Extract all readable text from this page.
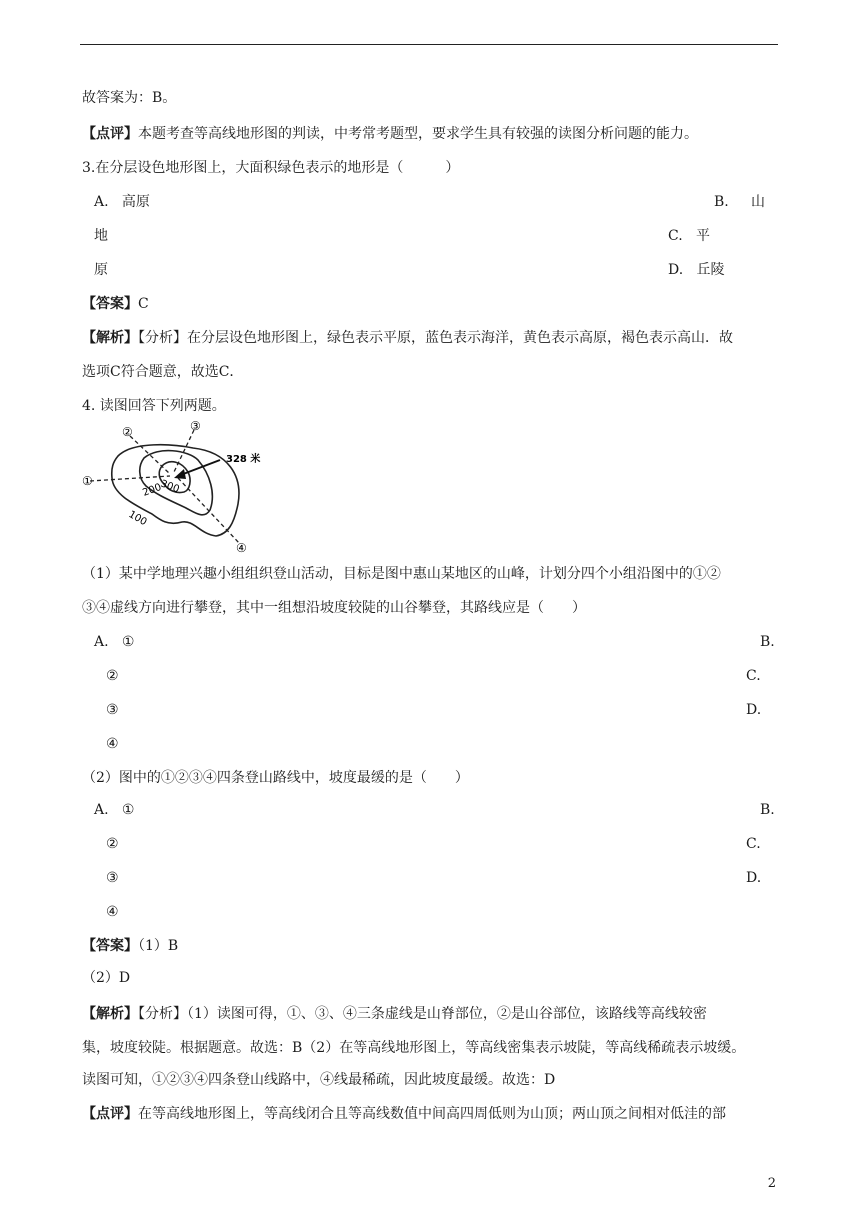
故答案为：B。
【点评】本题考查等高线地形图的判读，中考常考题型，要求学生具有较强的读图分析问题的能力。
3.在分层设色地形图上，大面积绿色表示的地形是（　　　）
A. 高原	B. 山
地	C. 平
原	D. 丘陵
【答案】C
【解析】【分析】在分层设色地形图上，绿色表示平原，蓝色表示海洋，黄色表示高原，褐色表示高山．故
选项C符合题意，故选C．
4. 读图回答下列两题。
①
②	③
④
328 米
100
200
300
（1）某中学地理兴趣小组组织登山活动，目标是图中惠山某地区的山峰，计划分四个小组沿图中的①②
③④虚线方向进行攀登，其中一组想沿坡度较陡的山谷攀登，其路线应是（　　）
A. ①	B.
②	C.
③	D.
④
（2）图中的①②③④四条登山路线中，坡度最缓的是（　　）
A. ①	B.
②	C.
③	D.
④
【答案】（1）B
（2）D
【解析】【分析】（1）读图可得，①、③、④三条虚线是山脊部位，②是山谷部位，该路线等高线较密
集，坡度较陡。根据题意。故选：B（2）在等高线地形图上，等高线密集表示坡陡，等高线稀疏表示坡缓。
读图可知，①②③④四条登山线路中，④线最稀疏，因此坡度最缓。故选：D
【点评】在等高线地形图上，等高线闭合且等高线数值中间高四周低则为山顶；两山顶之间相对低洼的部
2
